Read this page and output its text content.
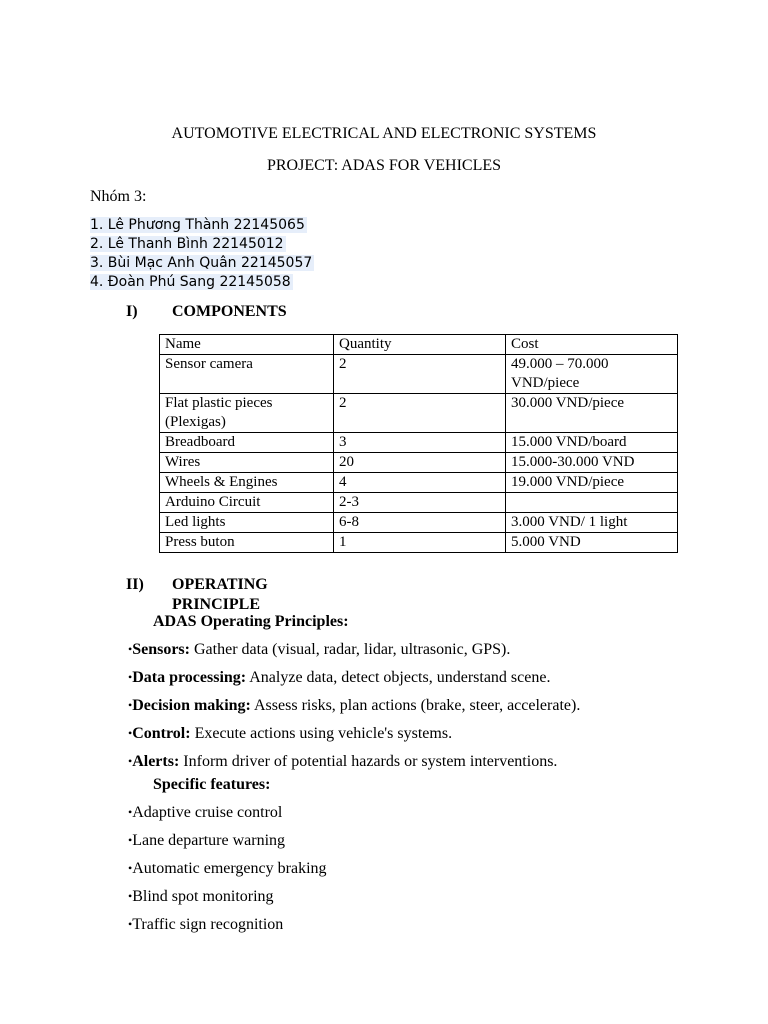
AUTOMOTIVE ELECTRICAL AND ELECTRONIC SYSTEMS
PROJECT: ADAS FOR VEHICLES
Nhóm 3:
1. Lê Phương Thành 22145065
2. Lê Thanh Bình 22145012
3. Bùi Mạc Anh Quân 22145057
4. Đoàn Phú Sang 22145058
I) COMPONENTS
Name	Quantity	Cost
Sensor camera	2	49.000 – 70.000 VND/piece
Flat plastic pieces (Plexigas)	2	30.000 VND/piece
Breadboard	3	15.000 VND/board
Wires	20	15.000-30.000 VND
Wheels & Engines	4	19.000 VND/piece
Arduino Circuit	2-3	
Led lights	6-8	3.000 VND/ 1 light
Press buton	1	5.000 VND
II) OPERATING PRINCIPLE
ADAS Operating Principles:
•Sensors: Gather data (visual, radar, lidar, ultrasonic, GPS).
•Data processing: Analyze data, detect objects, understand scene.
•Decision making: Assess risks, plan actions (brake, steer, accelerate).
•Control: Execute actions using vehicle's systems.
•Alerts: Inform driver of potential hazards or system interventions.
Specific features:
•Adaptive cruise control
•Lane departure warning
•Automatic emergency braking
•Blind spot monitoring
•Traffic sign recognition
